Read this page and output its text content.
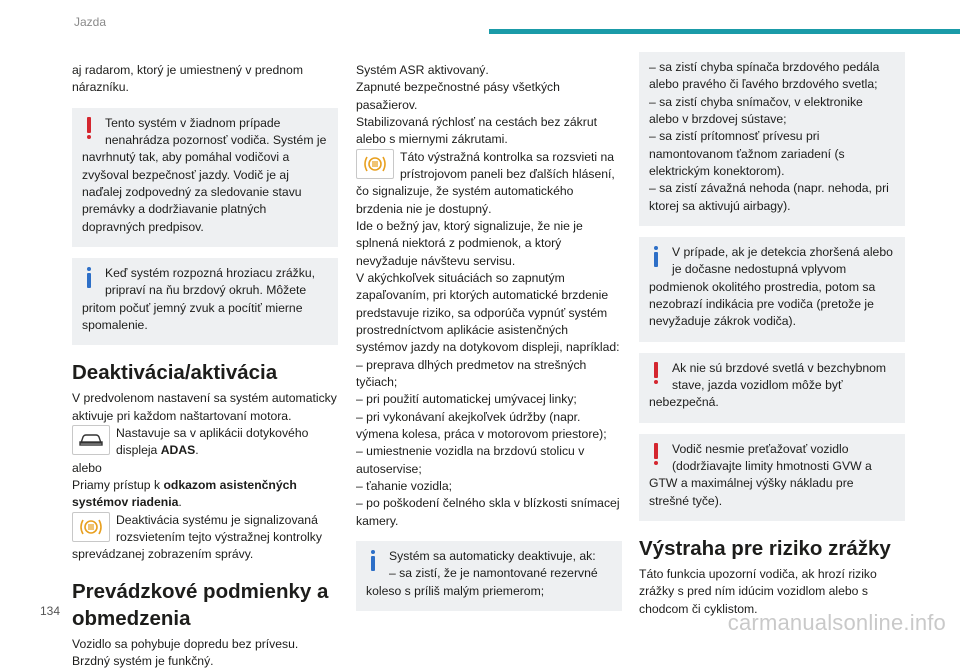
Jazda

aj radarom, ktorý je umiestnený v prednom nárazníku.

Tento systém v žiadnom prípade nenahrádza pozornosť vodiča. Systém je navrhnutý tak, aby pomáhal vodičovi a zvyšoval bezpečnosť jazdy. Vodič je aj naďalej zodpovedný za sledovanie stavu premávky a dodržiavanie platných dopravných predpisov.

Keď systém rozpozná hroziacu zrážku, pripraví na ňu brzdový okruh. Môžete pritom počuť jemný zvuk a pocítiť mierne spomalenie.

Deaktivácia/aktivácia

V predvolenom nastavení sa systém automaticky aktivuje pri každom naštartovaní motora.

Nastavuje sa v aplikácii dotykového displeja ADAS.

alebo

Priamy prístup k odkazom asistenčných systémov riadenia.

Deaktivácia systému je signalizovaná rozsvietením tejto výstražnej kontrolky sprevádzanej zobrazením správy.

Prevádzkové podmienky a obmedzenia

Vozidlo sa pohybuje dopredu bez prívesu.

Brzdný systém je funkčný.

Systém ASR aktivovaný.

Zapnuté bezpečnostné pásy všetkých pasažierov.

Stabilizovaná rýchlosť na cestách bez zákrut alebo s miernymi zákrutami.

Táto výstražná kontrolka sa rozsvieti na prístrojovom paneli bez ďalších hlásení, čo signalizuje, že systém automatického brzdenia nie je dostupný.

Ide o bežný jav, ktorý signalizuje, že nie je splnená niektorá z podmienok, a ktorý nevyžaduje návštevu servisu.

V akýchkoľvek situáciách so zapnutým zapaľovaním, pri ktorých automatické brzdenie predstavuje riziko, sa odporúča vypnúť systém prostredníctvom aplikácie asistenčných systémov jazdy na dotykovom displeji, napríklad:

– preprava dlhých predmetov na strešných tyčiach;

– pri použití automatickej umývacej linky;

– pri vykonávaní akejkoľvek údržby (napr. výmena kolesa, práca v motorovom priestore);

– umiestnenie vozidla na brzdovú stolicu v autoservise;

– ťahanie vozidla;

– po poškodení čelného skla v blízkosti snímacej kamery.

Systém sa automaticky deaktivuje, ak:

– sa zistí, že je namontované rezervné koleso s príliš malým priemerom;

– sa zistí chyba spínača brzdového pedála alebo pravého či ľavého brzdového svetla;

– sa zistí chyba snímačov, v elektronike alebo v brzdovej sústave;

– sa zistí prítomnosť prívesu pri namontovanom ťažnom zariadení (s elektrickým konektorom).

– sa zistí závažná nehoda (napr. nehoda, pri ktorej sa aktivujú airbagy).

V prípade, ak je detekcia zhoršená alebo je dočasne nedostupná vplyvom podmienok okolitého prostredia, potom sa nezobrazí indikácia pre vodiča (pretože je nevyžaduje zákrok vodiča).

Ak nie sú brzdové svetlá v bezchybnom stave, jazda vozidlom môže byť nebezpečná.

Vodič nesmie preťažovať vozidlo (dodržiavajte limity hmotnosti GVW a GTW a maximálnej výšky nákladu pre strešné tyče).

Výstraha pre riziko zrážky

Táto funkcia upozorní vodiča, ak hrozí riziko zrážky s pred ním idúcim vozidlom alebo s chodcom či cyklistom.

134	carmanualsonline.info
